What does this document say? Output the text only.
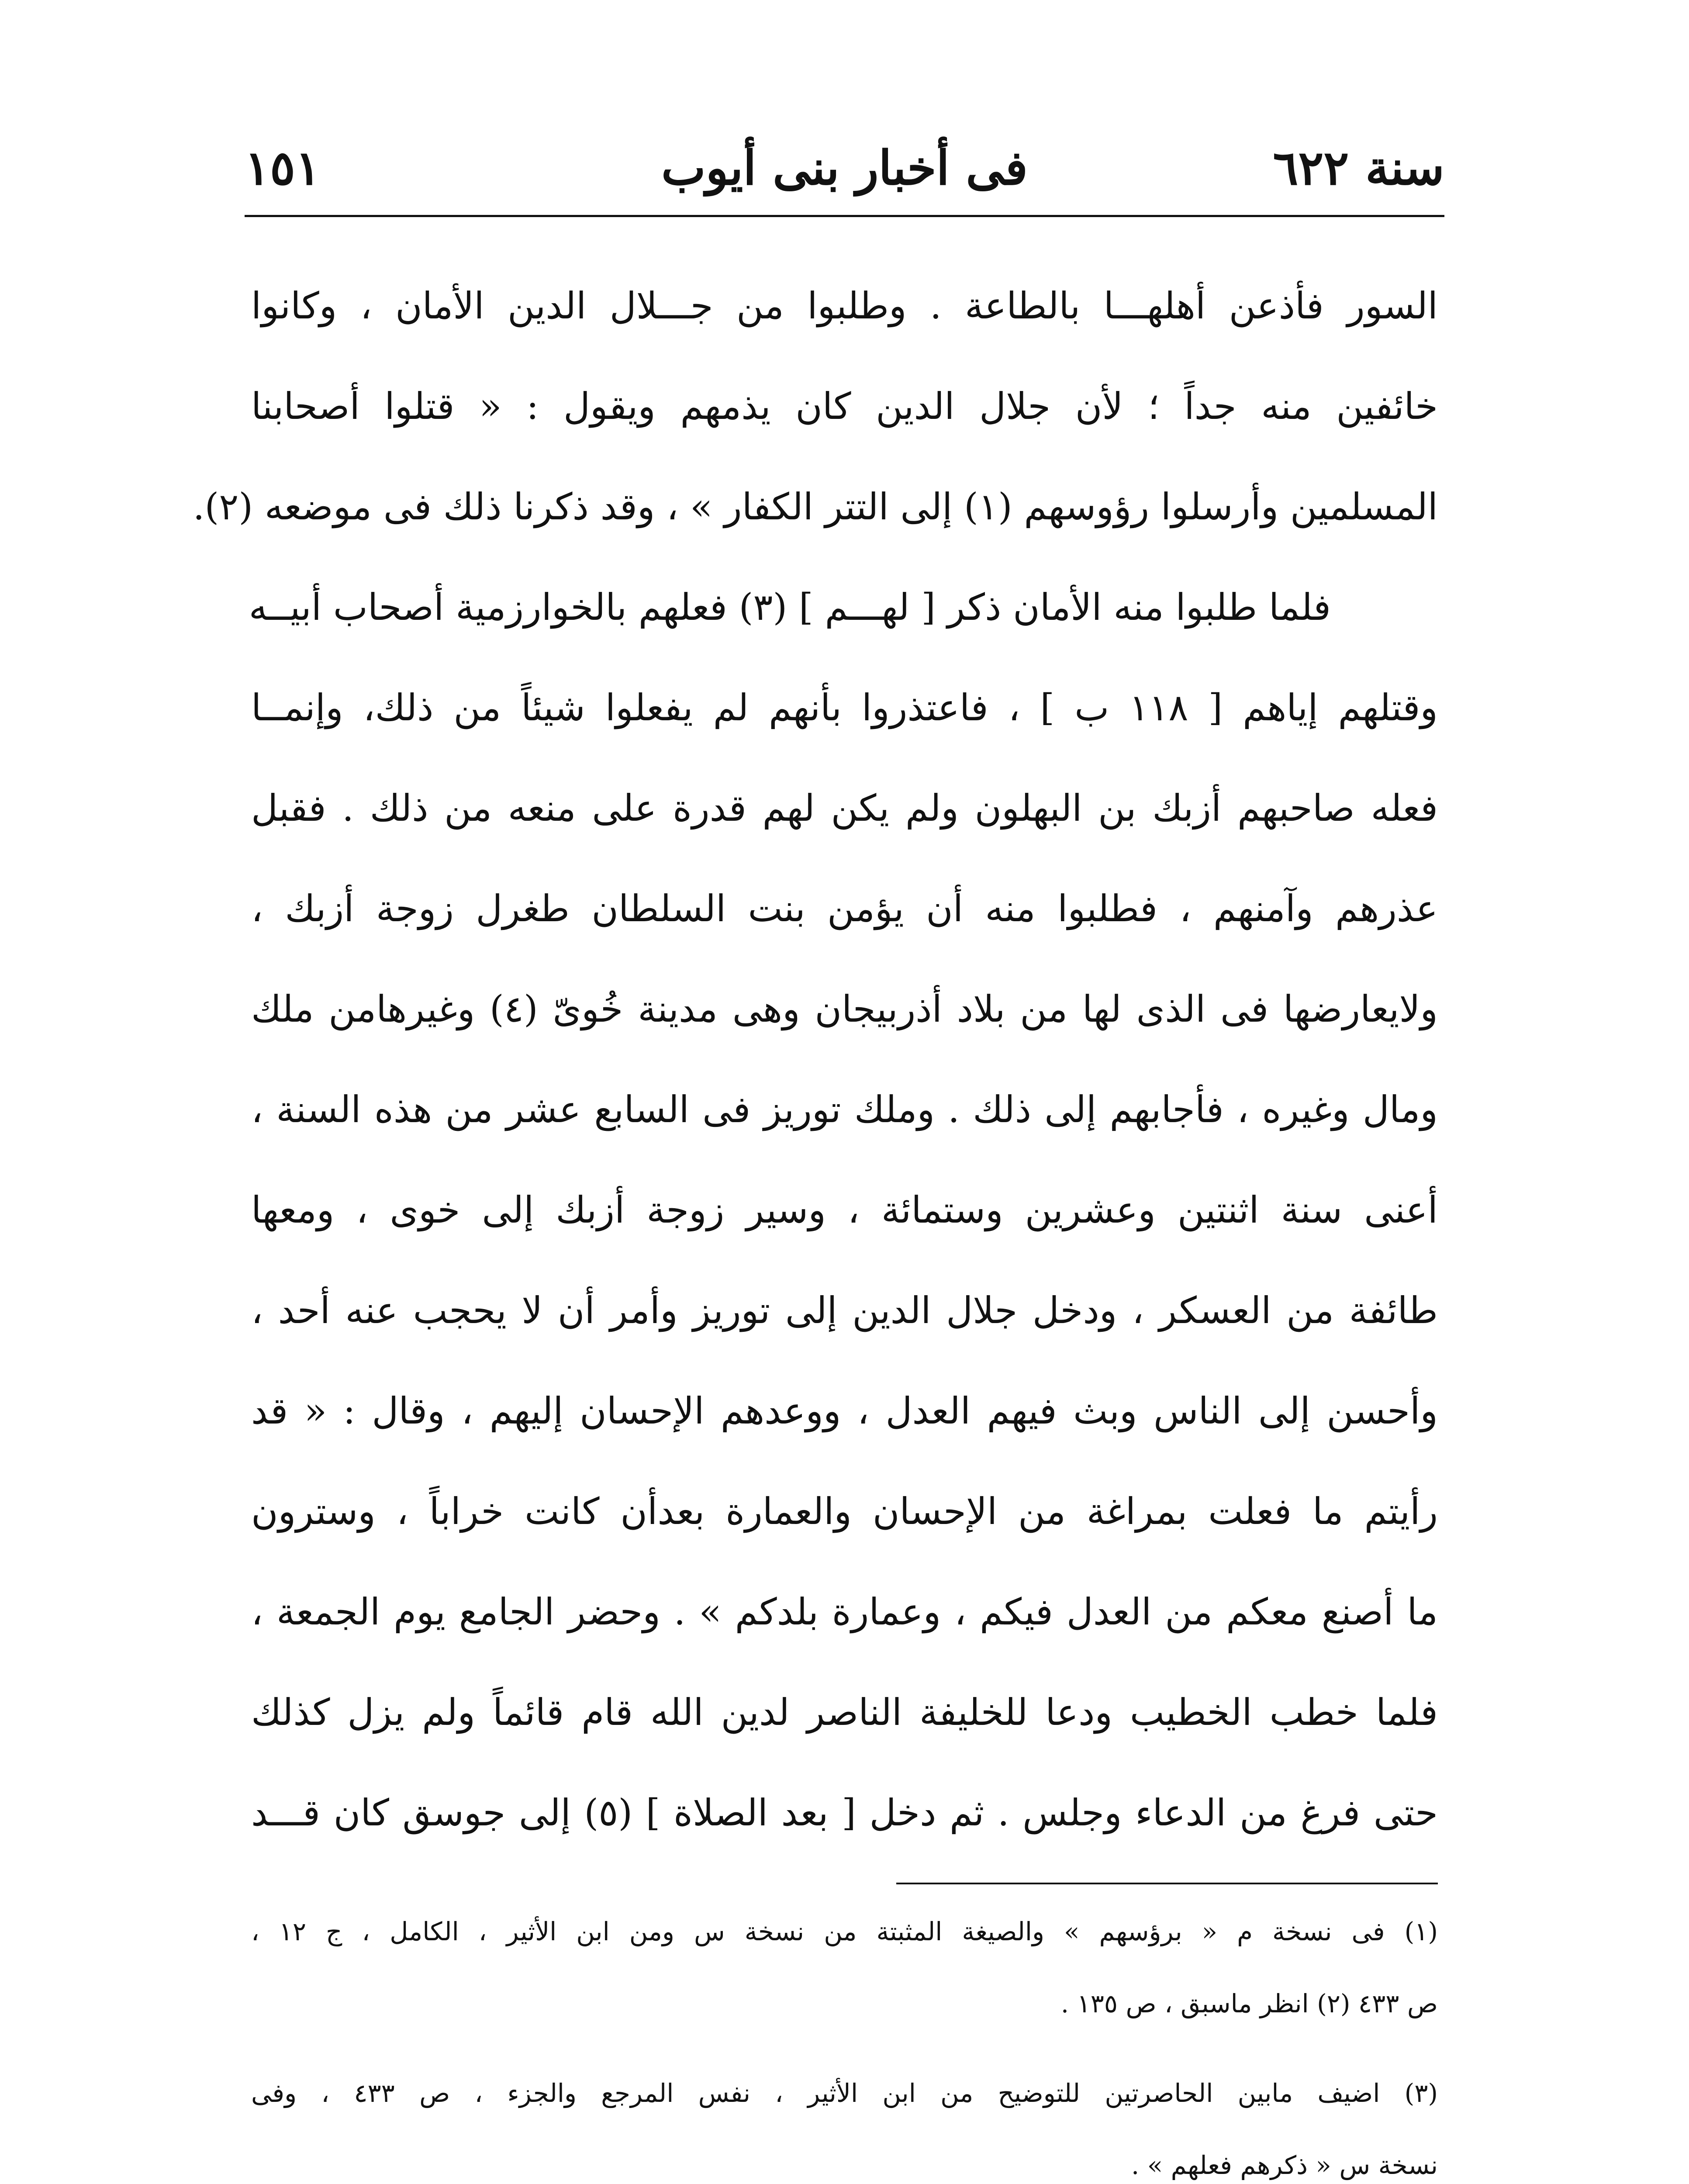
سنة ٦٢٢
فى أخبار بنى أيوب
١٥١
السور فأذعن أهلهـــا بالطاعة . وطلبوا من جـــلال الدين الأمان ، وكانوا
خائفين منه جداً ؛ لأن جلال الدين كان يذمهم ويقول : « قتلوا أصحابنا
المسلمين وأرسلوا رؤوسهم (١) إلى التتر الكفار » ، وقد ذكرنا ذلك فى موضعه (٢).
فلما طلبوا منه الأمان ذكر [ لهـــم ] (٣) فعلهم بالخوارزمية أصحاب أبيــه
وقتلهم إياهم [ ١١٨ ب ] ، فاعتذروا بأنهم لم يفعلوا شيئاً من ذلك، وإنمــا
فعله صاحبهم أزبك بن البهلون ولم يكن لهم قدرة على منعه من ذلك . فقبل
عذرهم وآمنهم ، فطلبوا منه أن يؤمن بنت السلطان طغرل زوجة أزبك ،
ولايعارضها فى الذى لها من بلاد أذربيجان وهى مدينة خُوىّ (٤) وغيرهامن ملك
ومال وغيره ، فأجابهم إلى ذلك . وملك توريز فى السابع عشر من هذه السنة ،
أعنى سنة اثنتين وعشرين وستمائة ، وسير زوجة أزبك إلى خوى ، ومعها
طائفة من العسكر ، ودخل جلال الدين إلى توريز وأمر أن لا يحجب عنه أحد ،
وأحسن إلى الناس وبث فيهم العدل ، ووعدهم الإحسان إليهم ، وقال : « قد
رأيتم ما فعلت بمراغة من الإحسان والعمارة بعدأن كانت خراباً ، وسترون
ما أصنع معكم من العدل فيكم ، وعمارة بلدكم » . وحضر الجامع يوم الجمعة ،
فلما خطب الخطيب ودعا للخليفة الناصر لدين الله قام قائماً ولم يزل كذلك
حتى فرغ من الدعاء وجلس . ثم دخل [ بعد الصلاة ] (٥) إلى جوسق كان قـــد
(١) فى نسخة م « برؤسهم » والصيغة المثبتة من نسخة س ومن ابن الأثير ، الكامل ، ج ١٢ ،
ص ٤٣٣ (٢) انظر ماسبق ، ص ١٣٥ .
(٣) اضيف مابين الحاصرتين للتوضيح من ابن الأثير ، نفس المرجع والجزء ، ص ٤٣٣ ، وفى
نسخة س « ذكرهم فعلهم » .
